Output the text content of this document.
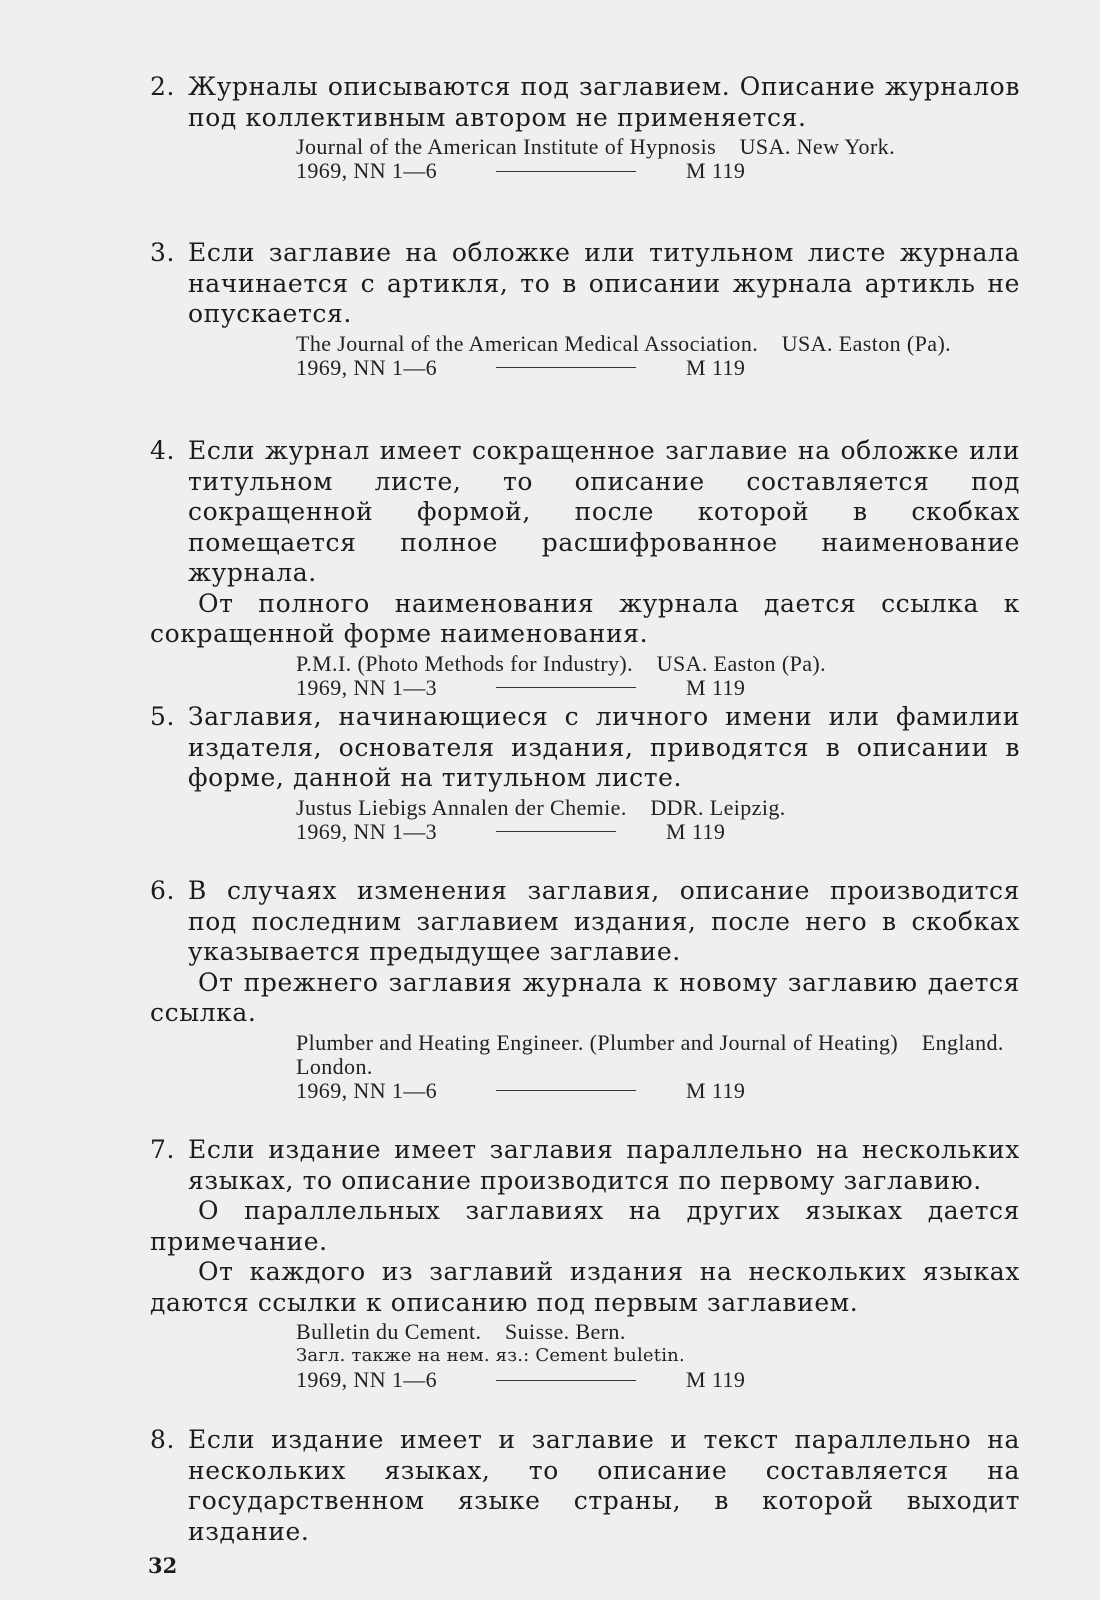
2. Журналы описываются под заглавием. Описание журналов под коллективным автором не применяется.

Journal of the American Institute of Hypnosis    USA. New York.
1969, NN 1—6	M 119

3. Если заглавие на обложке или титульном листе журнала начинается с артикля, то в описании журнала артикль не опускается.

The Journal of the American Medical Association.    USA. Easton (Pa).
1969, NN 1—6	M 119

4. Если журнал имеет сокращенное заглавие на обложке или титульном листе, то описание составляется под сокращенной формой, после которой в скобках помещается полное расшифрованное наименование журнала.

От полного наименования журнала дается ссылка к сокращенной форме наименования.

P.M.I. (Photo Methods for Industry).    USA. Easton (Pa).
1969, NN 1—3	M 119

5. Заглавия, начинающиеся с личного имени или фамилии издателя, основателя издания, приводятся в описании в форме, данной на титульном листе.

Justus Liebigs Annalen der Chemie.    DDR. Leipzig.
1969, NN 1—3	M 119

6. В случаях изменения заглавия, описание производится под последним заглавием издания, после него в скобках указывается предыдущее заглавие.

От прежнего заглавия журнала к новому заглавию дается ссылка.

Plumber and Heating Engineer. (Plumber and Journal of Heating)    England. London.
1969, NN 1—6	M 119

7. Если издание имеет заглавия параллельно на нескольких языках, то описание производится по первому заглавию.

О параллельных заглавиях на других языках дается примечание.

От каждого из заглавий издания на нескольких языках даются ссылки к описанию под первым заглавием.

Bulletin du Cement.    Suisse. Bern.
Загл. также на нем. яз.: Cement buletin.
1969, NN 1—6	M 119

8. Если издание имеет и заглавие и текст параллельно на нескольких языках, то описание составляется на государственном языке страны, в которой выходит издание.

32
